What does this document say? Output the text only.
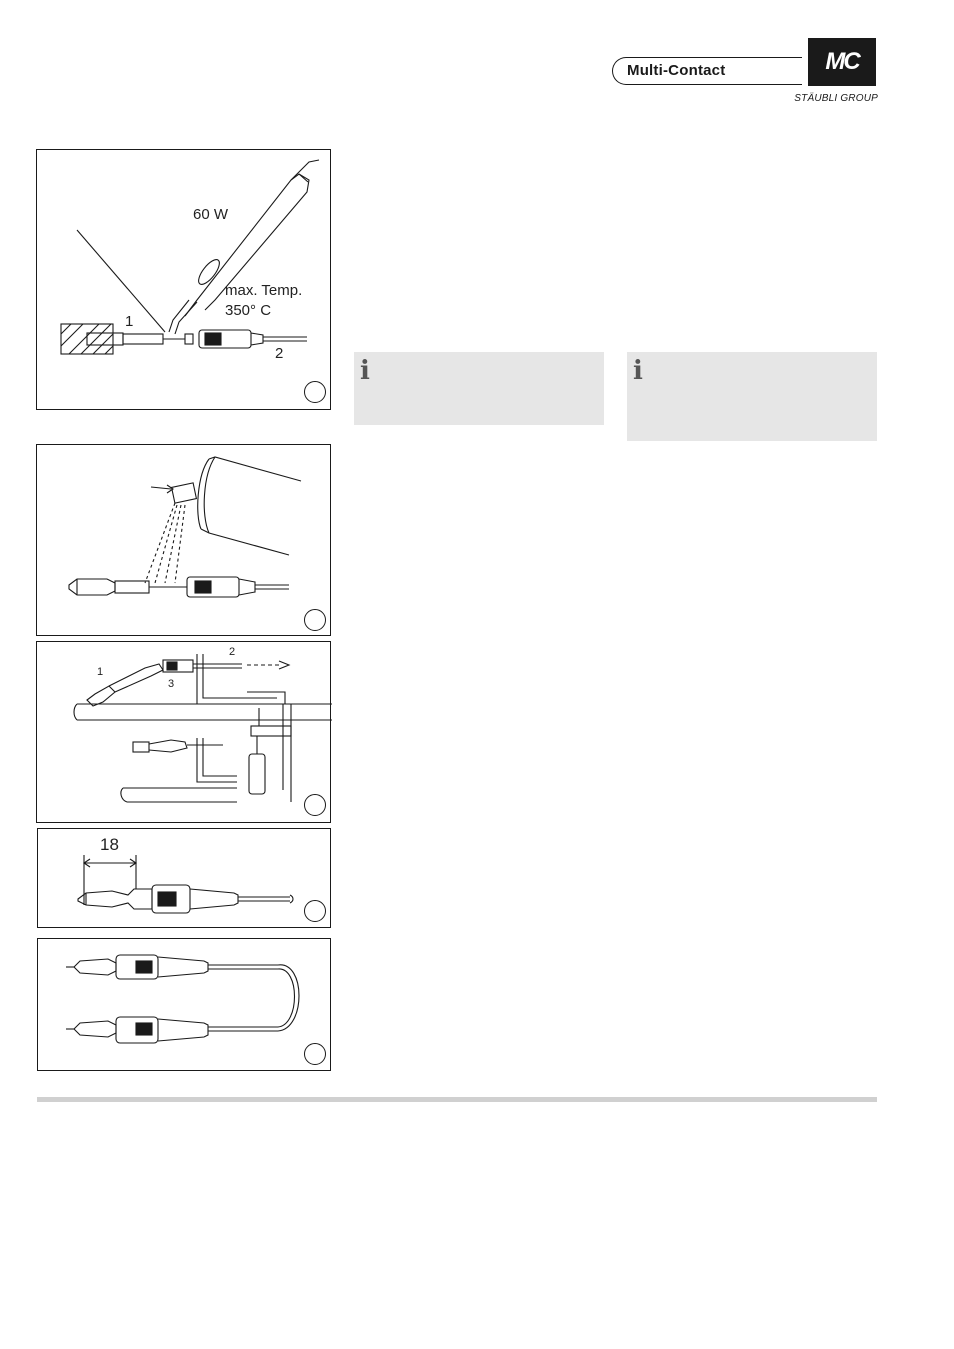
Multi-Contact	MC
STÄUBLI GROUP
60 W
max. Temp.
350° C
1
2
1
2
3
18
i	i
